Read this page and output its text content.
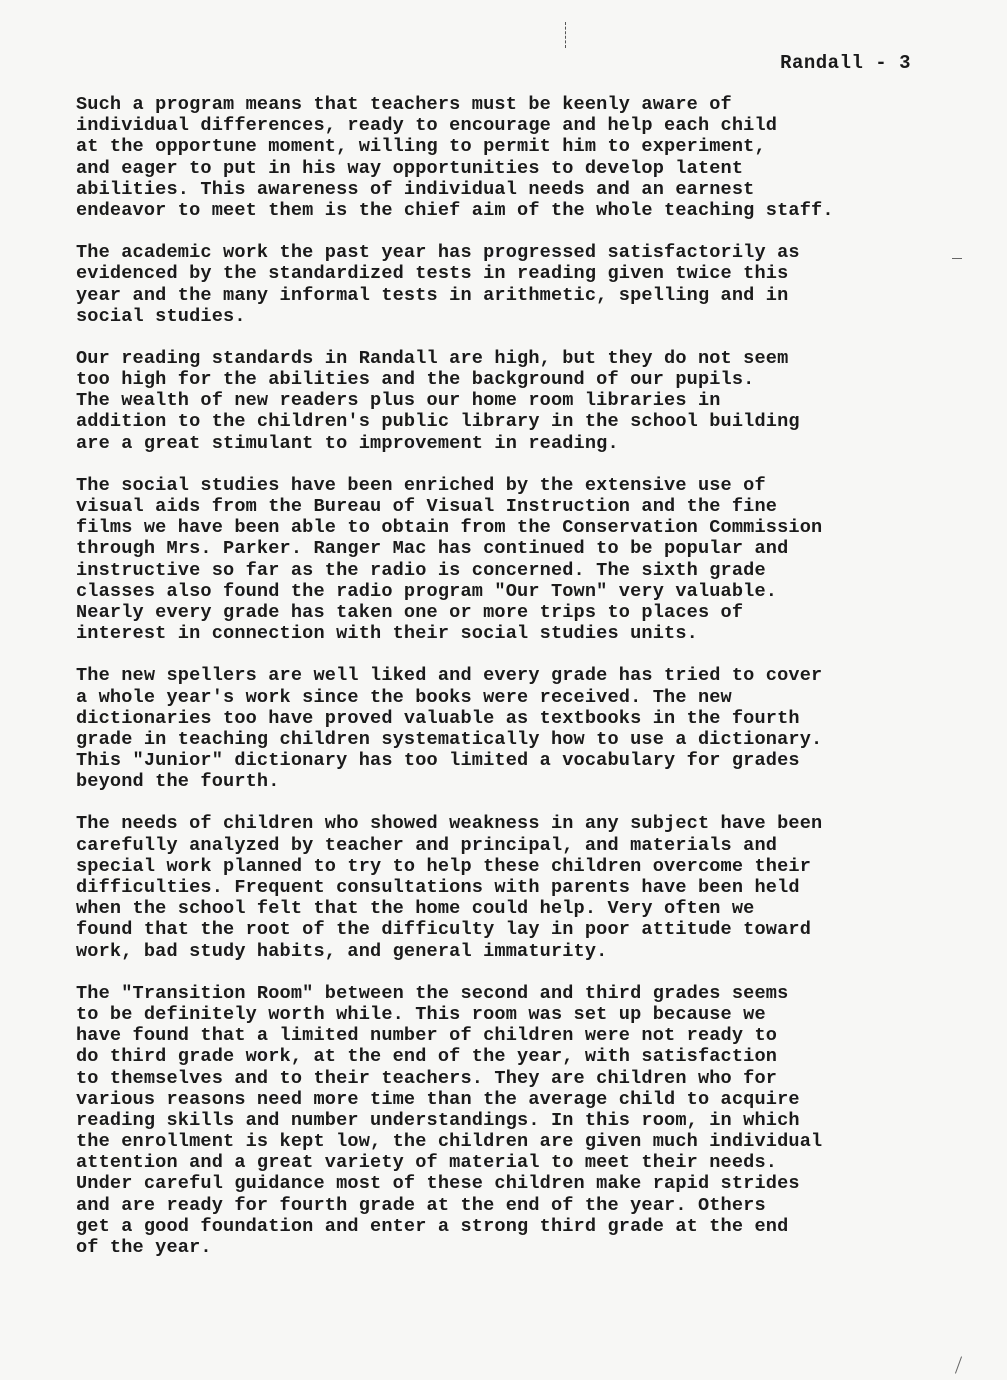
Randall - 3
Such a program means that teachers must be keenly aware of
individual differences, ready to encourage and help each child
at the opportune moment, willing to permit him to experiment,
and eager to put in his way opportunities to develop latent
abilities. This awareness of individual needs and an earnest
endeavor to meet them is the chief aim of the whole teaching staff.
The academic work the past year has progressed satisfactorily as
evidenced by the standardized tests in reading given twice this
year and the many informal tests in arithmetic, spelling and in
social studies.
Our reading standards in Randall are high, but they do not seem
too high for the abilities and the background of our pupils.
The wealth of new readers plus our home room libraries in
addition to the children's public library in the school building
are a great stimulant to improvement in reading.
The social studies have been enriched by the extensive use of
visual aids from the Bureau of Visual Instruction and the fine
films we have been able to obtain from the Conservation Commission
through Mrs. Parker. Ranger Mac has continued to be popular and
instructive so far as the radio is concerned. The sixth grade
classes also found the radio program "Our Town" very valuable.
Nearly every grade has taken one or more trips to places of
interest in connection with their social studies units.
The new spellers are well liked and every grade has tried to cover
a whole year's work since the books were received. The new
dictionaries too have proved valuable as textbooks in the fourth
grade in teaching children systematically how to use a dictionary.
This "Junior" dictionary has too limited a vocabulary for grades
beyond the fourth.
The needs of children who showed weakness in any subject have been
carefully analyzed by teacher and principal, and materials and
special work planned to try to help these children overcome their
difficulties. Frequent consultations with parents have been held
when the school felt that the home could help. Very often we
found that the root of the difficulty lay in poor attitude toward
work, bad study habits, and general immaturity.
The "Transition Room" between the second and third grades seems
to be definitely worth while. This room was set up because we
have found that a limited number of children were not ready to
do third grade work, at the end of the year, with satisfaction
to themselves and to their teachers. They are children who for
various reasons need more time than the average child to acquire
reading skills and number understandings. In this room, in which
the enrollment is kept low, the children are given much individual
attention and a great variety of material to meet their needs.
Under careful guidance most of these children make rapid strides
and are ready for fourth grade at the end of the year. Others
get a good foundation and enter a strong third grade at the end
of the year.
